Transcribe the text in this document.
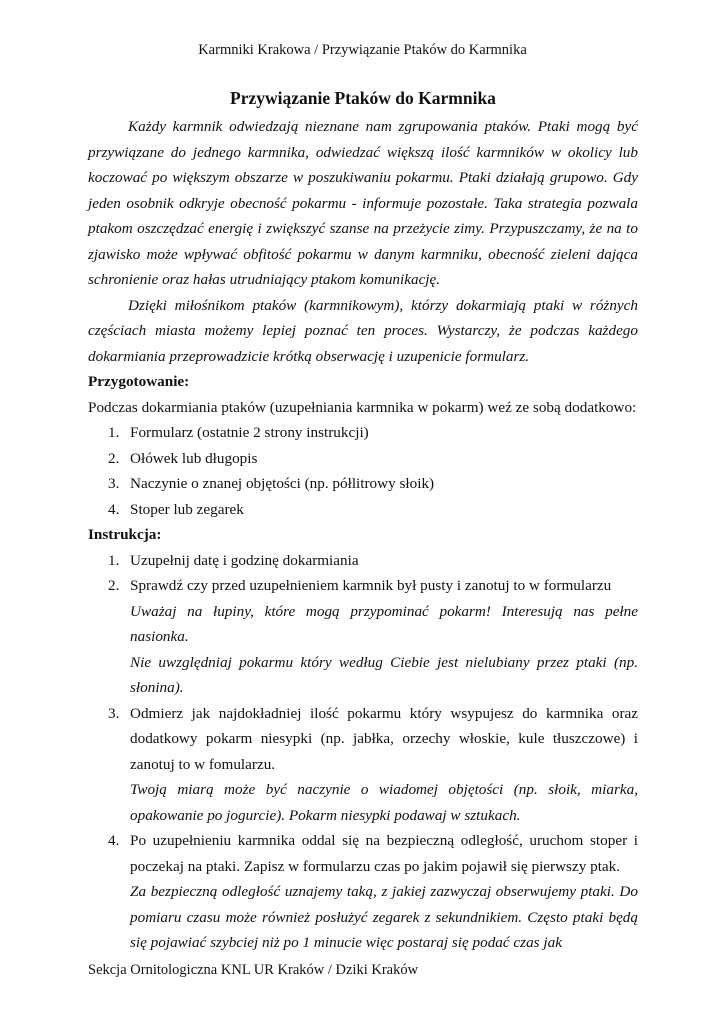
Karmniki Krakowa / Przywiązanie Ptaków do Karmnika

Przywiązanie Ptaków do Karmnika

Każdy karmnik odwiedzają nieznane nam zgrupowania ptaków. Ptaki mogą być przywiązane do jednego karmnika, odwiedzać większą ilość karmników w okolicy lub koczować po większym obszarze w poszukiwaniu pokarmu. Ptaki działają grupowo. Gdy jeden osobnik odkryje obecność pokarmu - informuje pozostałe. Taka strategia pozwala ptakom oszczędzać energię i zwiększyć szanse na przeżycie zimy. Przypuszczamy, że na to zjawisko może wpływać obfitość pokarmu w danym karmniku, obecność zieleni dająca schronienie oraz hałas utrudniający ptakom komunikację.

Dzięki miłośnikom ptaków (karmnikowym), którzy dokarmiają ptaki w różnych częściach miasta możemy lepiej poznać ten proces. Wystarczy, że podczas każdego dokarmiania przeprowadzicie krótką obserwację i uzupenicie formularz.

Przygotowanie:

Podczas dokarmiania ptaków (uzupełniania karmnika w pokarm) weź ze sobą dodatkowo:

1. Formularz (ostatnie 2 strony instrukcji)
2. Ołówek lub długopis
3. Naczynie o znanej objętości (np. półlitrowy słoik)
4. Stoper lub zegarek

Instrukcja:

1. Uzupełnij datę i godzinę dokarmiania
2. Sprawdź czy przed uzupełnieniem karmnik był pusty i zanotuj to w formularzu

Uważaj na łupiny, które mogą przypominać pokarm! Interesują nas pełne nasionka.

Nie uwzględniaj pokarmu który według Ciebie jest nielubiany przez ptaki (np. słonina).

3. Odmierz jak najdokładniej ilość pokarmu który wsypujesz do karmnika oraz dodatkowy pokarm niesypki (np. jabłka, orzechy włoskie, kule tłuszczowe) i zanotuj to w fomularzu.

Twoją miarą może być naczynie o wiadomej objętości (np. słoik, miarka, opakowanie po jogurcie). Pokarm niesypki podawaj w sztukach.

4. Po uzupełnieniu karmnika oddal się na bezpieczną odległość, uruchom stoper i poczekaj na ptaki. Zapisz w formularzu czas po jakim pojawił się pierwszy ptak.

Za bezpieczną odległość uznajemy taką, z jakiej zazwyczaj obserwujemy ptaki. Do pomiaru czasu może również posłużyć zegarek z sekundnikiem. Często ptaki będą się pojawiać szybciej niż po 1 minucie więc postaraj się podać czas jak

Sekcja Ornitologiczna KNL UR Kraków / Dziki Kraków
